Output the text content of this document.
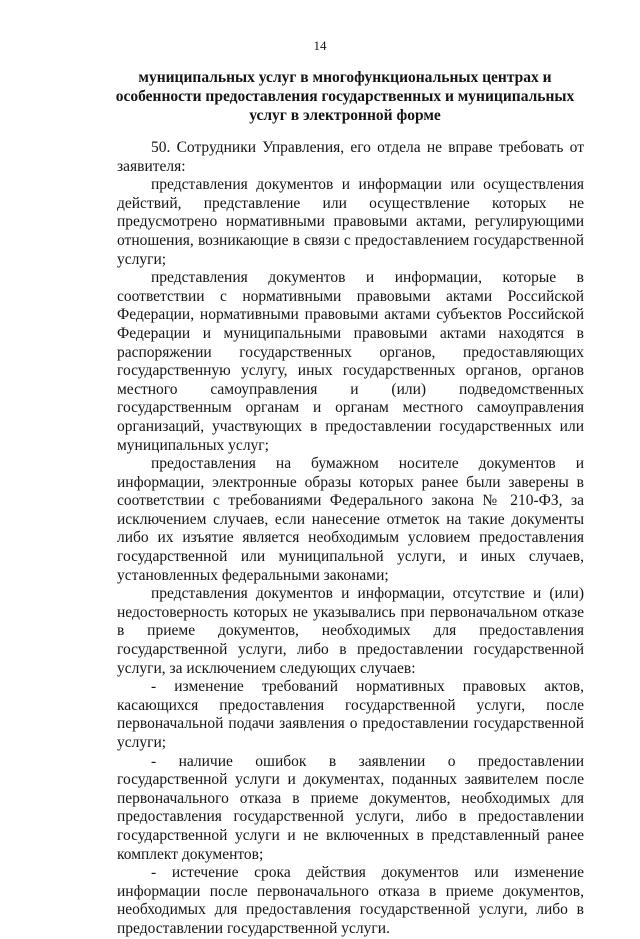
14
муниципальных услуг в многофункциональных центрах и
особенности предоставления государственных и муниципальных
услуг в электронной форме

50. Сотрудники Управления, его отдела не вправе требовать от заявителя:

представления документов и информации или осуществления действий, представление или осуществление которых не предусмотрено нормативными правовыми актами, регулирующими отношения, возникающие в связи с предоставлением государственной услуги;

представления документов и информации, которые в соответствии с нормативными правовыми актами Российской Федерации, нормативными правовыми актами субъектов Российской Федерации и муниципальными правовыми актами находятся в распоряжении государственных органов, предоставляющих государственную услугу, иных государственных органов, органов местного самоуправления и (или) подведомственных государственным органам и органам местного самоуправления организаций, участвующих в предоставлении государственных или муниципальных услуг;

предоставления на бумажном носителе документов и информации, электронные образы которых ранее были заверены в соответствии с требованиями Федерального закона № 210-ФЗ, за исключением случаев, если нанесение отметок на такие документы либо их изъятие является необходимым условием предоставления государственной или муниципальной услуги, и иных случаев, установленных федеральными законами;

представления документов и информации, отсутствие и (или) недостоверность которых не указывались при первоначальном отказе в приеме документов, необходимых для предоставления государственной услуги, либо в предоставлении государственной услуги, за исключением следующих случаев:

- изменение требований нормативных правовых актов, касающихся предоставления государственной услуги, после первоначальной подачи заявления о предоставлении государственной услуги;

- наличие ошибок в заявлении о предоставлении государственной услуги и документах, поданных заявителем после первоначального отказа в приеме документов, необходимых для предоставления государственной услуги, либо в предоставлении государственной услуги и не включенных в представленный ранее комплект документов;

- истечение срока действия документов или изменение информации после первоначального отказа в приеме документов, необходимых для предоставления государственной услуги, либо в предоставлении государственной услуги.
